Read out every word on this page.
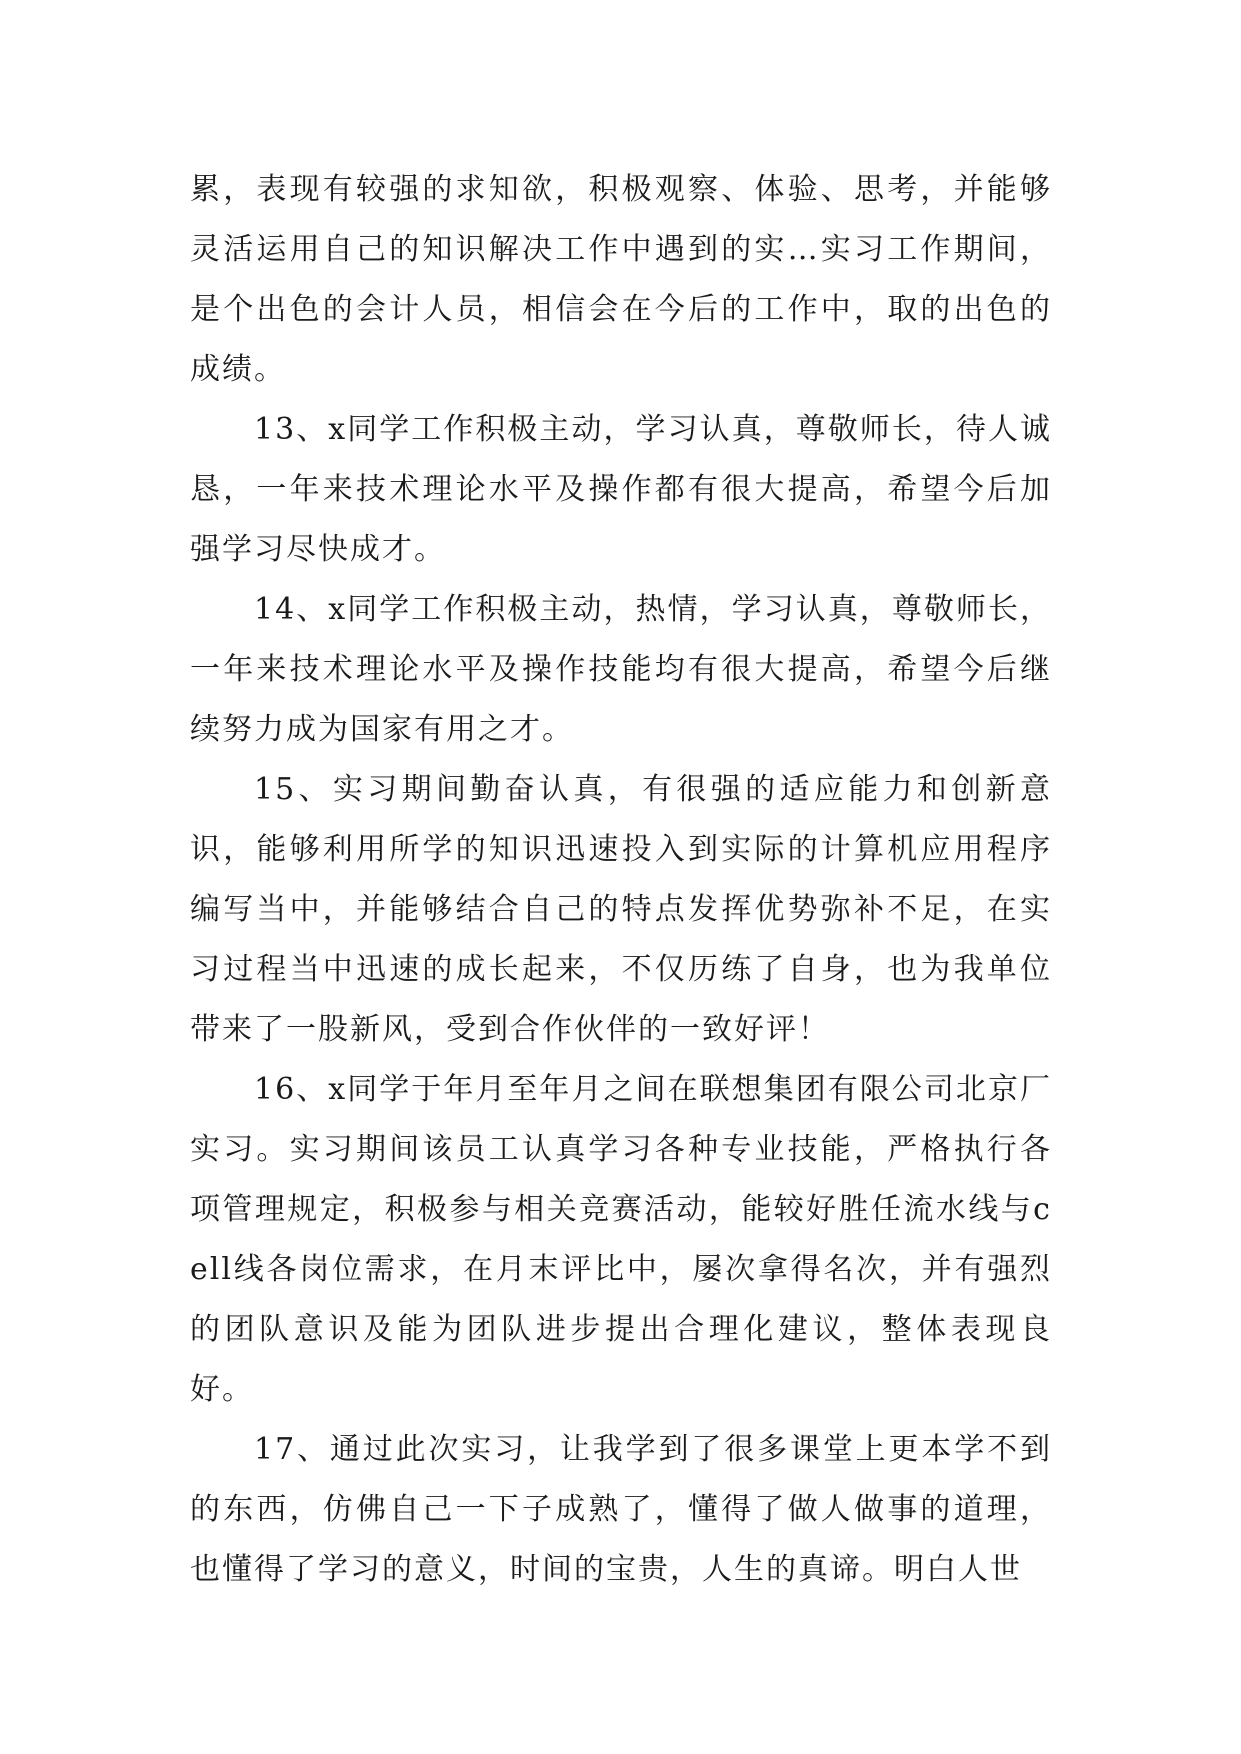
累，表现有较强的求知欲，积极观察、体验、思考，并能够灵活运用自己的知识解决工作中遇到的实…实习工作期间，是个出色的会计人员，相信会在今后的工作中，取的出色的成绩。

13、x同学工作积极主动，学习认真，尊敬师长，待人诚恳，一年来技术理论水平及操作都有很大提高，希望今后加强学习尽快成才。

14、x同学工作积极主动，热情，学习认真，尊敬师长，一年来技术理论水平及操作技能均有很大提高，希望今后继续努力成为国家有用之才。

15、实习期间勤奋认真，有很强的适应能力和创新意识，能够利用所学的知识迅速投入到实际的计算机应用程序编写当中，并能够结合自己的特点发挥优势弥补不足，在实习过程当中迅速的成长起来，不仅历练了自身，也为我单位带来了一股新风，受到合作伙伴的一致好评！

16、x同学于年月至年月之间在联想集团有限公司北京厂实习。实习期间该员工认真学习各种专业技能，严格执行各项管理规定，积极参与相关竞赛活动，能较好胜任流水线与cell线各岗位需求，在月末评比中，屡次拿得名次，并有强烈的团队意识及能为团队进步提出合理化建议，整体表现良好。

17、通过此次实习，让我学到了很多课堂上更本学不到的东西，仿佛自己一下子成熟了，懂得了做人做事的道理，也懂得了学习的意义，时间的宝贵，人生的真谛。明白人世
